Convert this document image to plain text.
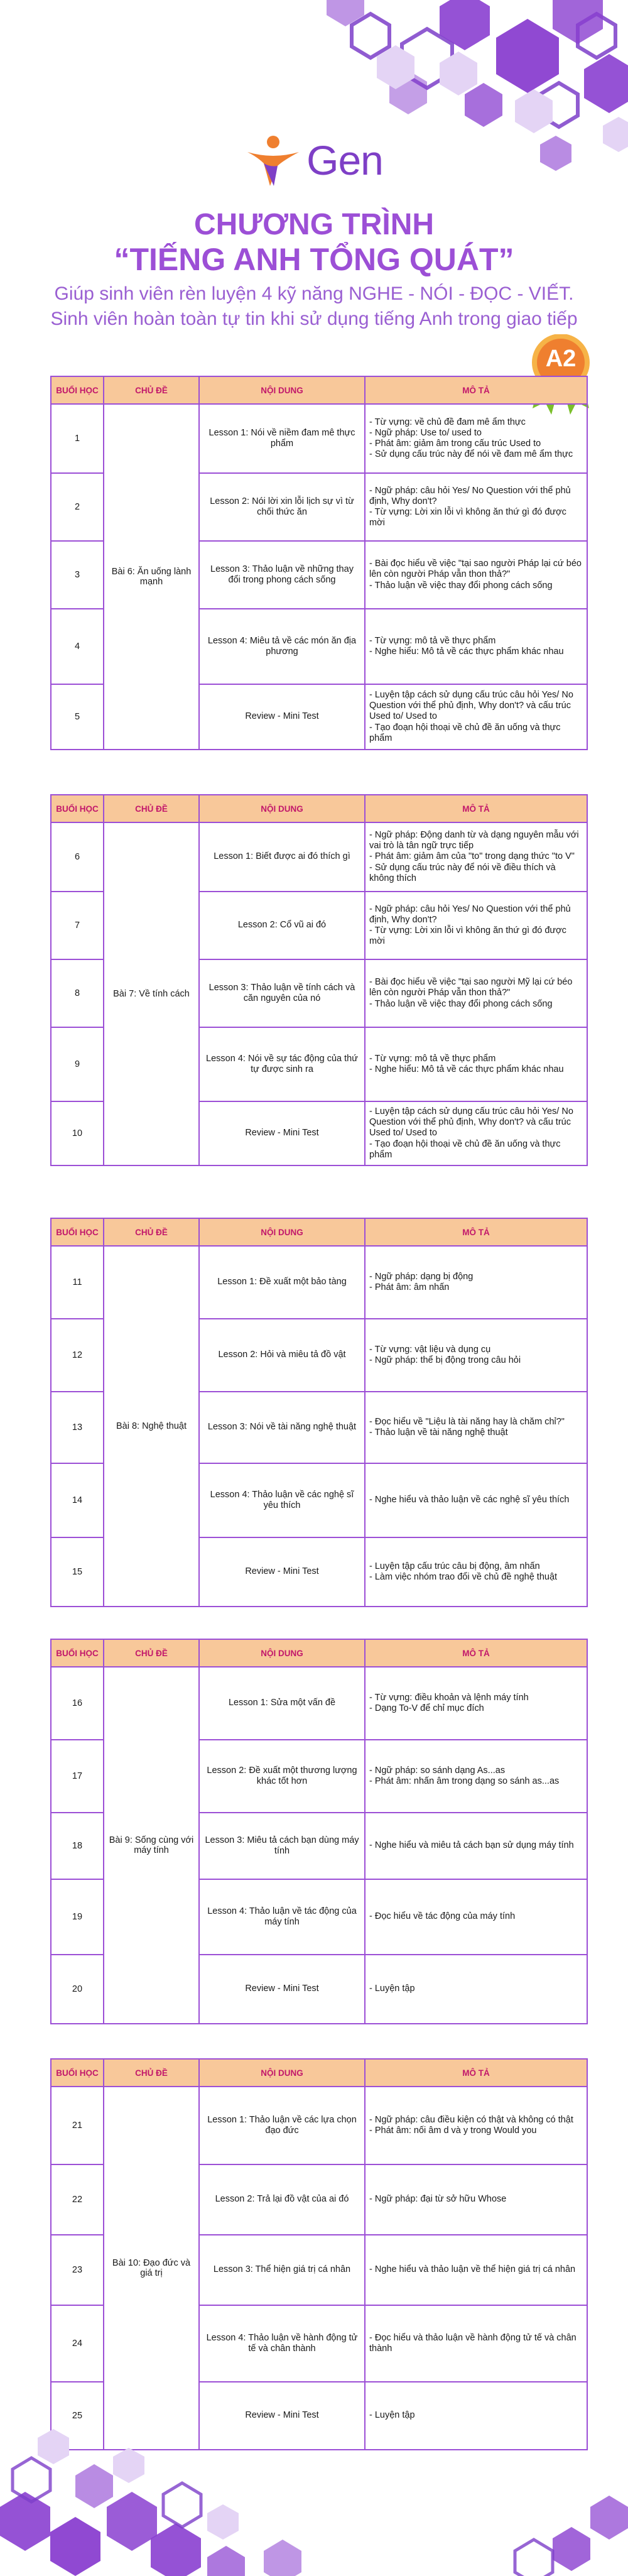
Gen
CHƯƠNG TRÌNH
“TIẾNG ANH TỔNG QUÁT”
Giúp sinh viên rèn luyện 4 kỹ năng NGHE - NÓI - ĐỌC - VIẾT.
Sinh viên hoàn toàn tự tin khi sử dụng tiếng Anh trong giao tiếp
A2
BUỔI HỌC	CHỦ ĐỀ	NỘI DUNG	MÔ TẢ
1	Bài 6: Ăn uống lành mạnh	Lesson 1: Nói về niềm đam mê thực phẩm	- Từ vựng: về chủ đề đam mê ẩm thực
- Ngữ pháp: Use to/ used to
- Phát âm: giảm âm trong cấu trúc Used to
- Sử dụng cấu trúc này để nói về đam mê ẩm thực

2		Lesson 2: Nói lời xin lỗi lịch sự vì từ chối thức ăn	- Ngữ pháp: câu hỏi Yes/ No Question với thể phủ định, Why don't?
- Từ vựng: Lời xin lỗi vì không ăn thứ gì đó được mời

3		Lesson 3: Thảo luận về những thay đổi trong phong cách sống	- Bài đọc hiểu về việc "tại sao người Pháp lại cứ béo lên còn người Pháp vẫn thon thả?"
- Thảo luận về việc thay đổi phong cách sống

4		Lesson 4: Miêu tả về các món ăn địa phương	- Từ vựng: mô tả về thực phẩm
- Nghe hiểu: Mô tả về các thực phẩm khác nhau

5		Review - Mini Test	- Luyện tập cách sử dụng cấu trúc câu hỏi Yes/ No Question với thể phủ định, Why don't? và cấu trúc Used to/ Used to
- Tạo đoạn hội thoại về chủ đề ăn uống và thực phẩm
BUỔI HỌC	CHỦ ĐỀ	NỘI DUNG	MÔ TẢ
6	Bài 7: Về tính cách	Lesson 1: Biết được ai đó thích gì	- Ngữ pháp: Động danh từ và dạng nguyên mẫu với vai trò là tân ngữ trực tiếp
- Phát âm: giảm âm của "to" trong dạng thức "to V"
- Sử dụng cấu trúc này để nói về điều thích và không thích

7		Lesson 2: Cổ vũ ai đó	- Ngữ pháp: câu hỏi Yes/ No Question với thể phủ định, Why don't?
- Từ vựng: Lời xin lỗi vì không ăn thứ gì đó được mời

8		Lesson 3: Thảo luận về tính cách và căn nguyên của nó	- Bài đọc hiểu về việc "tại sao người Mỹ lại cứ béo lên còn người Pháp vẫn thon thả?"
- Thảo luận về việc thay đổi phong cách sống

9		Lesson 4: Nói về sự tác động của thứ tự được sinh ra	- Từ vựng: mô tả về thực phẩm
- Nghe hiểu: Mô tả về các thực phẩm khác nhau

10		Review - Mini Test	- Luyện tập cách sử dụng cấu trúc câu hỏi Yes/ No Question với thể phủ định, Why don't? và cấu trúc Used to/ Used to
- Tạo đoạn hội thoại về chủ đề ăn uống và thực phẩm
BUỔI HỌC	CHỦ ĐỀ	NỘI DUNG	MÔ TẢ
11	Bài 8: Nghệ thuật	Lesson 1: Đề xuất một bảo tàng	- Ngữ pháp: dạng bị động
- Phát âm: âm nhấn

12		Lesson 2: Hỏi và miêu tả đồ vật	- Từ vựng: vật liệu và dụng cụ
- Ngữ pháp: thể bị động trong câu hỏi

13		Lesson 3: Nói về tài năng nghệ thuật	- Đọc hiểu về "Liệu là tài năng hay là chăm chỉ?"
- Thảo luận về tài năng nghệ thuật

14		Lesson 4: Thảo luận về các nghệ sĩ yêu thích	- Nghe hiểu và thảo luận về các nghệ sĩ yêu thích

15		Review - Mini Test	- Luyện tập cấu trúc câu bị động, âm nhấn
- Làm việc nhóm trao đổi về chủ đề nghệ thuật
BUỔI HỌC	CHỦ ĐỀ	NỘI DUNG	MÔ TẢ
16	Bài 9: Sống cùng với máy tính	Lesson 1: Sửa một vấn đề	- Từ vựng: điều khoản và lệnh máy tính
- Dạng To-V để chỉ mục đích

17		Lesson 2: Đề xuất một thương lượng khác tốt hơn	- Ngữ pháp: so sánh dạng As...as
- Phát âm: nhấn âm trong dạng so sánh as...as

18		Lesson 3: Miêu tả cách bạn dùng máy tính	- Nghe hiểu và miêu tả cách bạn sử dụng máy tính

19		Lesson 4: Thảo luận về tác động của máy tính	- Đọc hiểu về tác động của máy tính

20		Review - Mini Test	- Luyện tập
BUỔI HỌC	CHỦ ĐỀ	NỘI DUNG	MÔ TẢ
21	Bài 10: Đạo đức và giá trị	Lesson 1: Thảo luận về các lựa chọn đạo đức	- Ngữ pháp: câu điều kiện có thật và không có thật
- Phát âm: nối âm d và y trong Would you

22		Lesson 2: Trả lại đồ vật của ai đó	- Ngữ pháp: đại từ sở hữu Whose

23		Lesson 3: Thể hiện giá trị cá nhân	- Nghe hiểu và thảo luận về thể hiện giá trị cá nhân

24		Lesson 4: Thảo luận về hành động tử tế và chân thành	- Đọc hiểu và thảo luận về hành động tử tế và chân thành

25		Review - Mini Test	- Luyện tập
